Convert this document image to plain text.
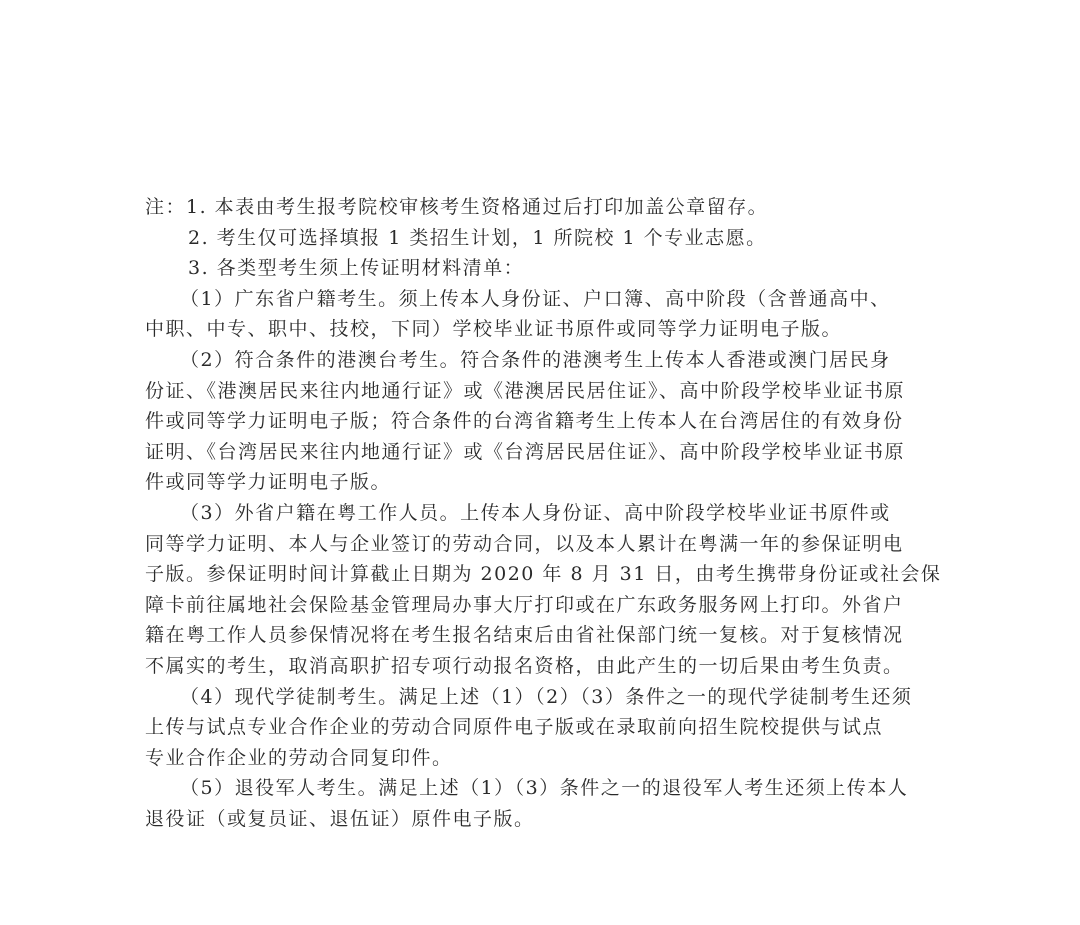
注：1. 本表由考生报考院校审核考生资格通过后打印加盖公章留存。
2. 考生仅可选择填报 1 类招生计划，1 所院校 1 个专业志愿。
3. 各类型考生须上传证明材料清单：
（1）广东省户籍考生。须上传本人身份证、户口簿、高中阶段（含普通高中、
中职、中专、职中、技校，下同）学校毕业证书原件或同等学力证明电子版。
（2）符合条件的港澳台考生。符合条件的港澳考生上传本人香港或澳门居民身
份证、《港澳居民来往内地通行证》或《港澳居民居住证》、高中阶段学校毕业证书原
件或同等学力证明电子版；符合条件的台湾省籍考生上传本人在台湾居住的有效身份
证明、《台湾居民来往内地通行证》或《台湾居民居住证》、高中阶段学校毕业证书原
件或同等学力证明电子版。
（3）外省户籍在粤工作人员。上传本人身份证、高中阶段学校毕业证书原件或
同等学力证明、本人与企业签订的劳动合同，以及本人累计在粤满一年的参保证明电
子版。参保证明时间计算截止日期为 2020 年 8 月 31 日，由考生携带身份证或社会保
障卡前往属地社会保险基金管理局办事大厅打印或在广东政务服务网上打印。外省户
籍在粤工作人员参保情况将在考生报名结束后由省社保部门统一复核。对于复核情况
不属实的考生，取消高职扩招专项行动报名资格，由此产生的一切后果由考生负责。
（4）现代学徒制考生。满足上述（1）（2）（3）条件之一的现代学徒制考生还须
上传与试点专业合作企业的劳动合同原件电子版或在录取前向招生院校提供与试点
专业合作企业的劳动合同复印件。
（5）退役军人考生。满足上述（1）（3）条件之一的退役军人考生还须上传本人
退役证（或复员证、退伍证）原件电子版。
